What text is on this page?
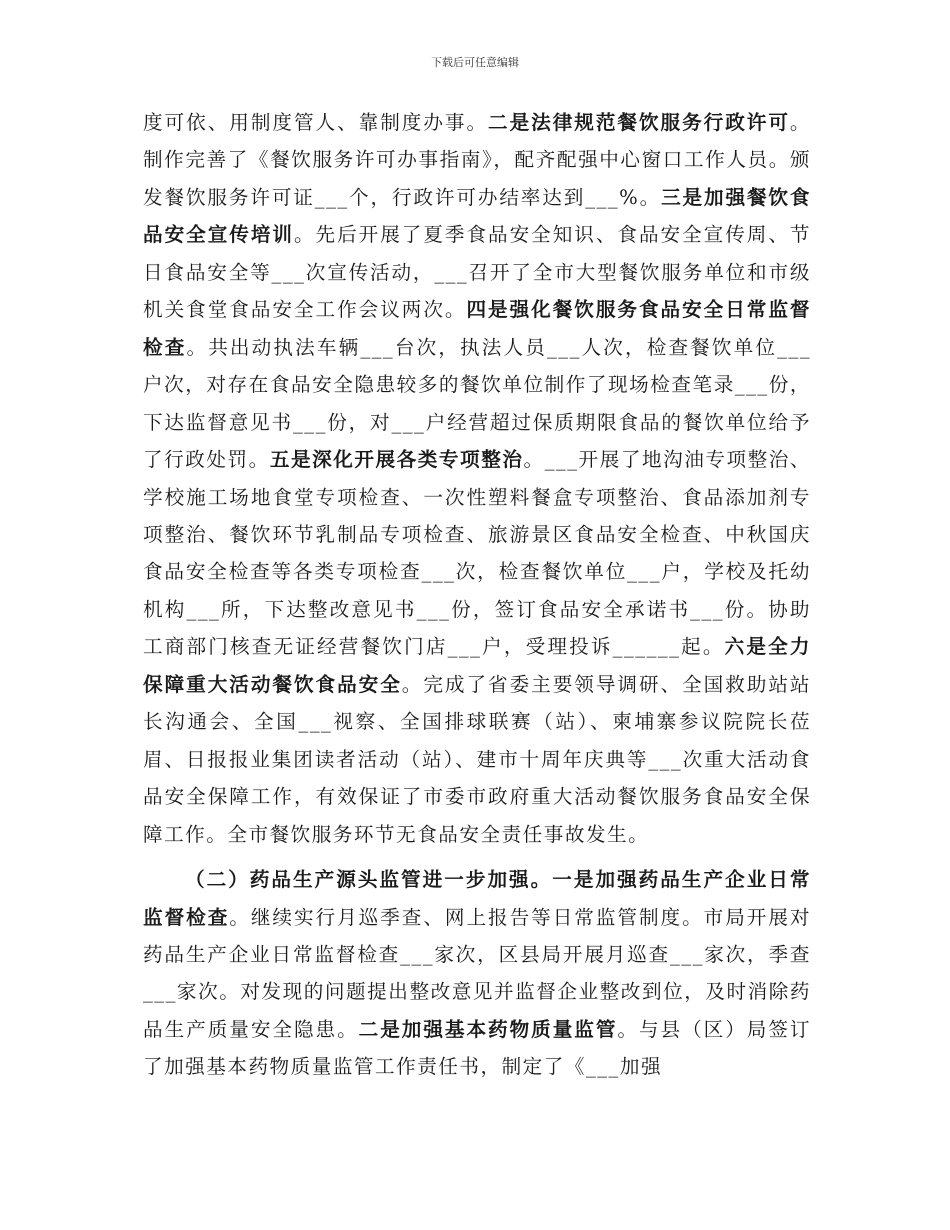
下载后可任意编辑

度可依、用制度管人、靠制度办事。二是法律规范餐饮服务行政许可。制作完善了《餐饮服务许可办事指南》，配齐配强中心窗口工作人员。颁发餐饮服务许可证___个，行政许可办结率达到___%。三是加强餐饮食品安全宣传培训。先后开展了夏季食品安全知识、食品安全宣传周、节日食品安全等___次宣传活动，___召开了全市大型餐饮服务单位和市级机关食堂食品安全工作会议两次。四是强化餐饮服务食品安全日常监督检查。共出动执法车辆___台次，执法人员___人次，检查餐饮单位___户次，对存在食品安全隐患较多的餐饮单位制作了现场检查笔录___份，下达监督意见书___份，对___户经营超过保质期限食品的餐饮单位给予了行政处罚。五是深化开展各类专项整治。___开展了地沟油专项整治、学校施工场地食堂专项检查、一次性塑料餐盒专项整治、食品添加剂专项整治、餐饮环节乳制品专项检查、旅游景区食品安全检查、中秋国庆食品安全检查等各类专项检查___次，检查餐饮单位___户，学校及托幼机构___所，下达整改意见书___份，签订食品安全承诺书___份。协助工商部门核查无证经营餐饮门店___户，受理投诉______起。六是全力保障重大活动餐饮食品安全。完成了省委主要领导调研、全国救助站站长沟通会、全国___视察、全国排球联赛（站）、柬埔寨参议院院长莅眉、日报报业集团读者活动（站）、建市十周年庆典等___次重大活动食品安全保障工作，有效保证了市委市政府重大活动餐饮服务食品安全保障工作。全市餐饮服务环节无食品安全责任事故发生。

（二）药品生产源头监管进一步加强。一是加强药品生产企业日常监督检查。继续实行月巡季查、网上报告等日常监管制度。市局开展对药品生产企业日常监督检查___家次，区县局开展月巡查___家次，季查___家次。对发现的问题提出整改意见并监督企业整改到位，及时消除药品生产质量安全隐患。二是加强基本药物质量监管。与县（区）局签订了加强基本药物质量监管工作责任书，制定了《___加强
